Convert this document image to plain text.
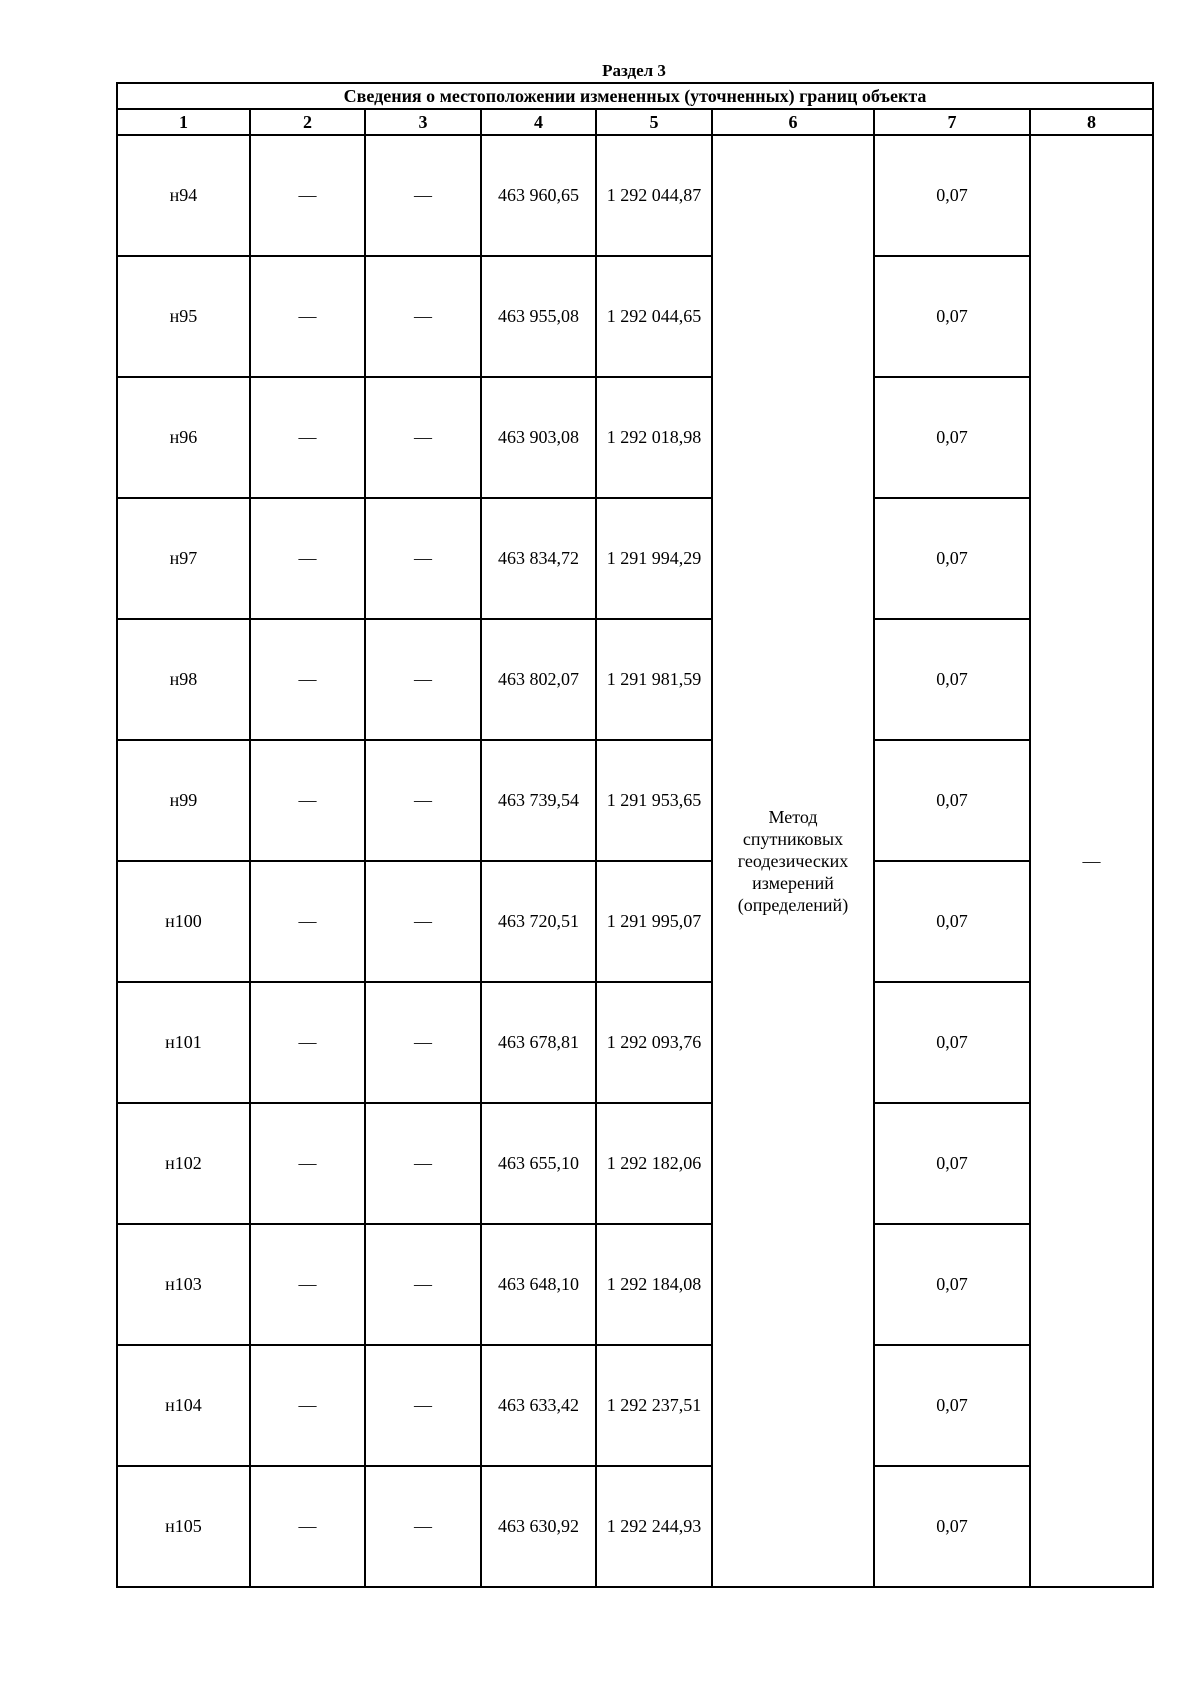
Раздел 3
Сведения о местоположении измененных (уточненных) границ объекта							
1	2	3	4	5	6	7	8
н94	—	—	463 960,65	1 292 044,87	Метод
спутниковых
геодезических
измерений
(определений)	0,07	—
н95	—	—	463 955,08	1 292 044,65		0,07	
н96	—	—	463 903,08	1 292 018,98		0,07	
н97	—	—	463 834,72	1 291 994,29		0,07	
н98	—	—	463 802,07	1 291 981,59		0,07	
н99	—	—	463 739,54	1 291 953,65		0,07	
н100	—	—	463 720,51	1 291 995,07		0,07	
н101	—	—	463 678,81	1 292 093,76		0,07	
н102	—	—	463 655,10	1 292 182,06		0,07	
н103	—	—	463 648,10	1 292 184,08		0,07	
н104	—	—	463 633,42	1 292 237,51		0,07	
н105	—	—	463 630,92	1 292 244,93		0,07	
